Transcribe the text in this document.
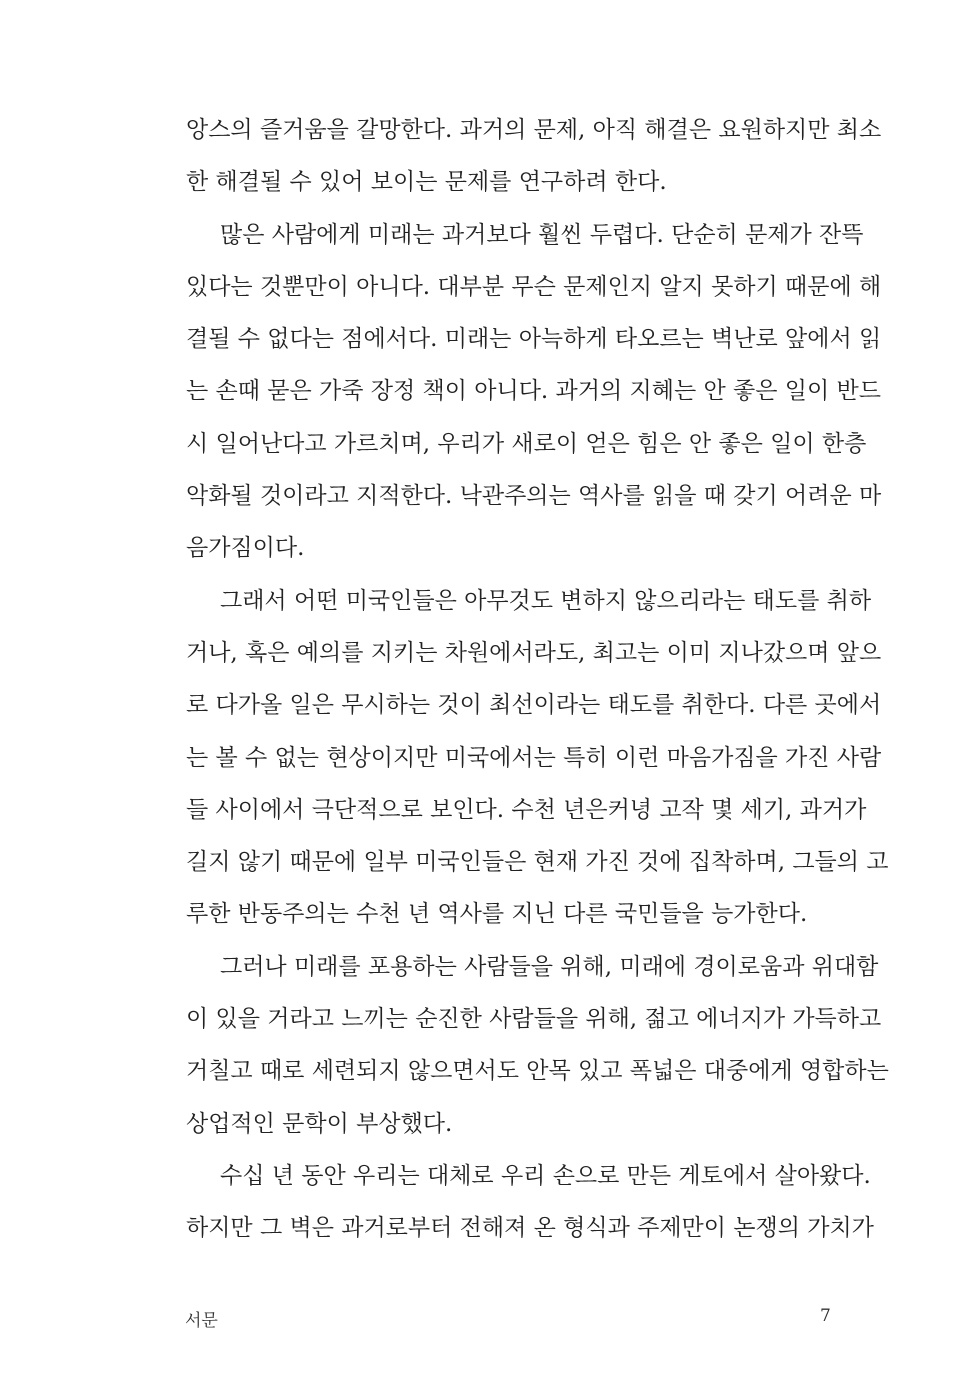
앙스의 즐거움을 갈망한다. 과거의 문제, 아직 해결은 요원하지만 최소
한 해결될 수 있어 보이는 문제를 연구하려 한다.
많은 사람에게 미래는 과거보다 훨씬 두렵다. 단순히 문제가 잔뜩
있다는 것뿐만이 아니다. 대부분 무슨 문제인지 알지 못하기 때문에 해
결될 수 없다는 점에서다. 미래는 아늑하게 타오르는 벽난로 앞에서 읽
는 손때 묻은 가죽 장정 책이 아니다. 과거의 지혜는 안 좋은 일이 반드
시 일어난다고 가르치며, 우리가 새로이 얻은 힘은 안 좋은 일이 한층
악화될 것이라고 지적한다. 낙관주의는 역사를 읽을 때 갖기 어려운 마
음가짐이다.
그래서 어떤 미국인들은 아무것도 변하지 않으리라는 태도를 취하
거나, 혹은 예의를 지키는 차원에서라도, 최고는 이미 지나갔으며 앞으
로 다가올 일은 무시하는 것이 최선이라는 태도를 취한다. 다른 곳에서
는 볼 수 없는 현상이지만 미국에서는 특히 이런 마음가짐을 가진 사람
들 사이에서 극단적으로 보인다. 수천 년은커녕 고작 몇 세기, 과거가
길지 않기 때문에 일부 미국인들은 현재 가진 것에 집착하며, 그들의 고
루한 반동주의는 수천 년 역사를 지닌 다른 국민들을 능가한다.
그러나 미래를 포용하는 사람들을 위해, 미래에 경이로움과 위대함
이 있을 거라고 느끼는 순진한 사람들을 위해, 젊고 에너지가 가득하고
거칠고 때로 세련되지 않으면서도 안목 있고 폭넓은 대중에게 영합하는
상업적인 문학이 부상했다.
수십 년 동안 우리는 대체로 우리 손으로 만든 게토에서 살아왔다.
하지만 그 벽은 과거로부터 전해져 온 형식과 주제만이 논쟁의 가치가
서문	7
